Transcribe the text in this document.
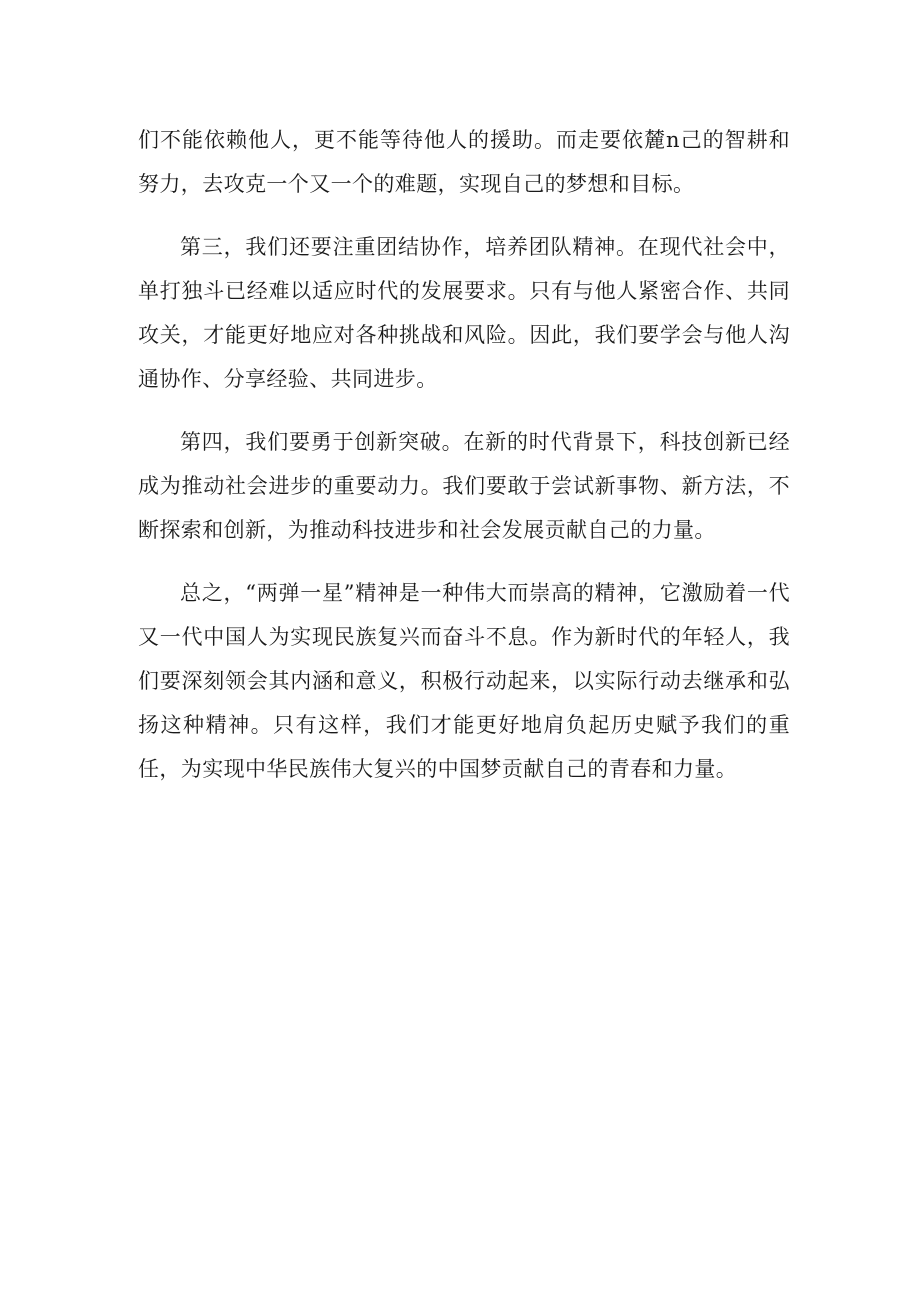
们不能依赖他人，更不能等待他人的援助。而走要依麓n己的智耕和努力，去攻克一个又一个的难题，实现自己的梦想和目标。

第三，我们还要注重团结协作，培养团队精神。在现代社会中，单打独斗已经难以适应时代的发展要求。只有与他人紧密合作、共同攻关，才能更好地应对各种挑战和风险。因此，我们要学会与他人沟通协作、分享经验、共同进步。

第四，我们要勇于创新突破。在新的时代背景下，科技创新已经成为推动社会进步的重要动力。我们要敢于尝试新事物、新方法，不断探索和创新，为推动科技进步和社会发展贡献自己的力量。

总之，“两弹一星”精神是一种伟大而崇高的精神，它激励着一代又一代中国人为实现民族复兴而奋斗不息。作为新时代的年轻人，我们要深刻领会其内涵和意义，积极行动起来，以实际行动去继承和弘扬这种精神。只有这样，我们才能更好地肩负起历史赋予我们的重任，为实现中华民族伟大复兴的中国梦贡献自己的青春和力量。
